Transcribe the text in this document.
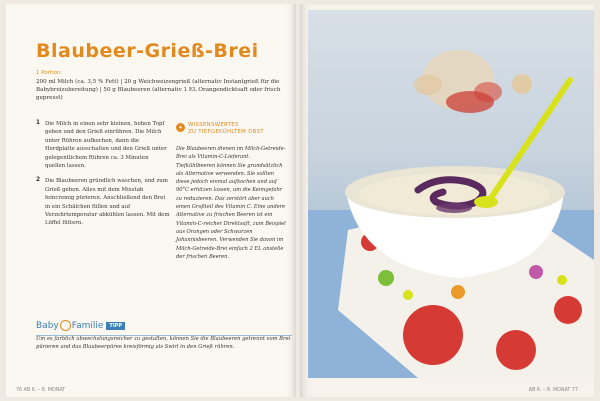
Blaubeer-Grieß-Brei
1 Portion:
200 ml Milch (ca. 3,5 % Fett) | 20 g Weichweizengrieß (alternativ Instantgrieß für die Babybreizubereitung) | 50 g Blaubeeren (alternativ 1 EL Orangendicktsaft oder frisch gepresst)
1 Die Milch in einen sehr kleinen, hohen Topf geben und den Grieß einrühren. Die Milch unter Rühren aufkochen, dann die Herdplatte ausschalten und den Grieß unter gelegentlichem Rühren ca. 3 Minuten quellen lassen.
2 Die Blaubeeren gründlich waschen, und zum Grieß geben. Alles mit dem Mixstab feincremig pürieren. Anschließend den Brei in ein Schälchen füllen und auf Verzehrtemperatur abkühlen lassen. Mit dem Löffel füttern.
✦	WISSENSWERTES
ZU TIEFGEKÜHLTEM OBST
Die Blaubeeren dienen im Milch-Getreide-Brei als Vitamin-C-Lieferant. Tiefkühlbeeren können Sie grundsätzlich als Alternative verwenden. Sie sollten diese jedoch einmal aufkochen und auf 90°C erhitzen lassen, um die Keimgefahr zu reduzieren. Das zerstört aber auch einen Großteil des Vitamin C. Eine andere Alternative zu frischen Beeren ist ein Vitamin-C-reicher Direktsaft, zum Beispiel aus Orangen oder Schwarzen Johannisbeeren. Verwenden Sie davon im Milch-Getreide-Brei einfach 2 EL anstelle der frischen Beeren.
Baby Familie	TIPP
Um es farblich abwechslungsreicher zu gestalten, können Sie die Blaubeeren getrennt vom Brei pürieren und das Blaubeerpüree kreisförmig als Swirl in den Grieß rühren.
76 AB 6. – 8. MONAT	AB 6. – 8. MONAT 77
